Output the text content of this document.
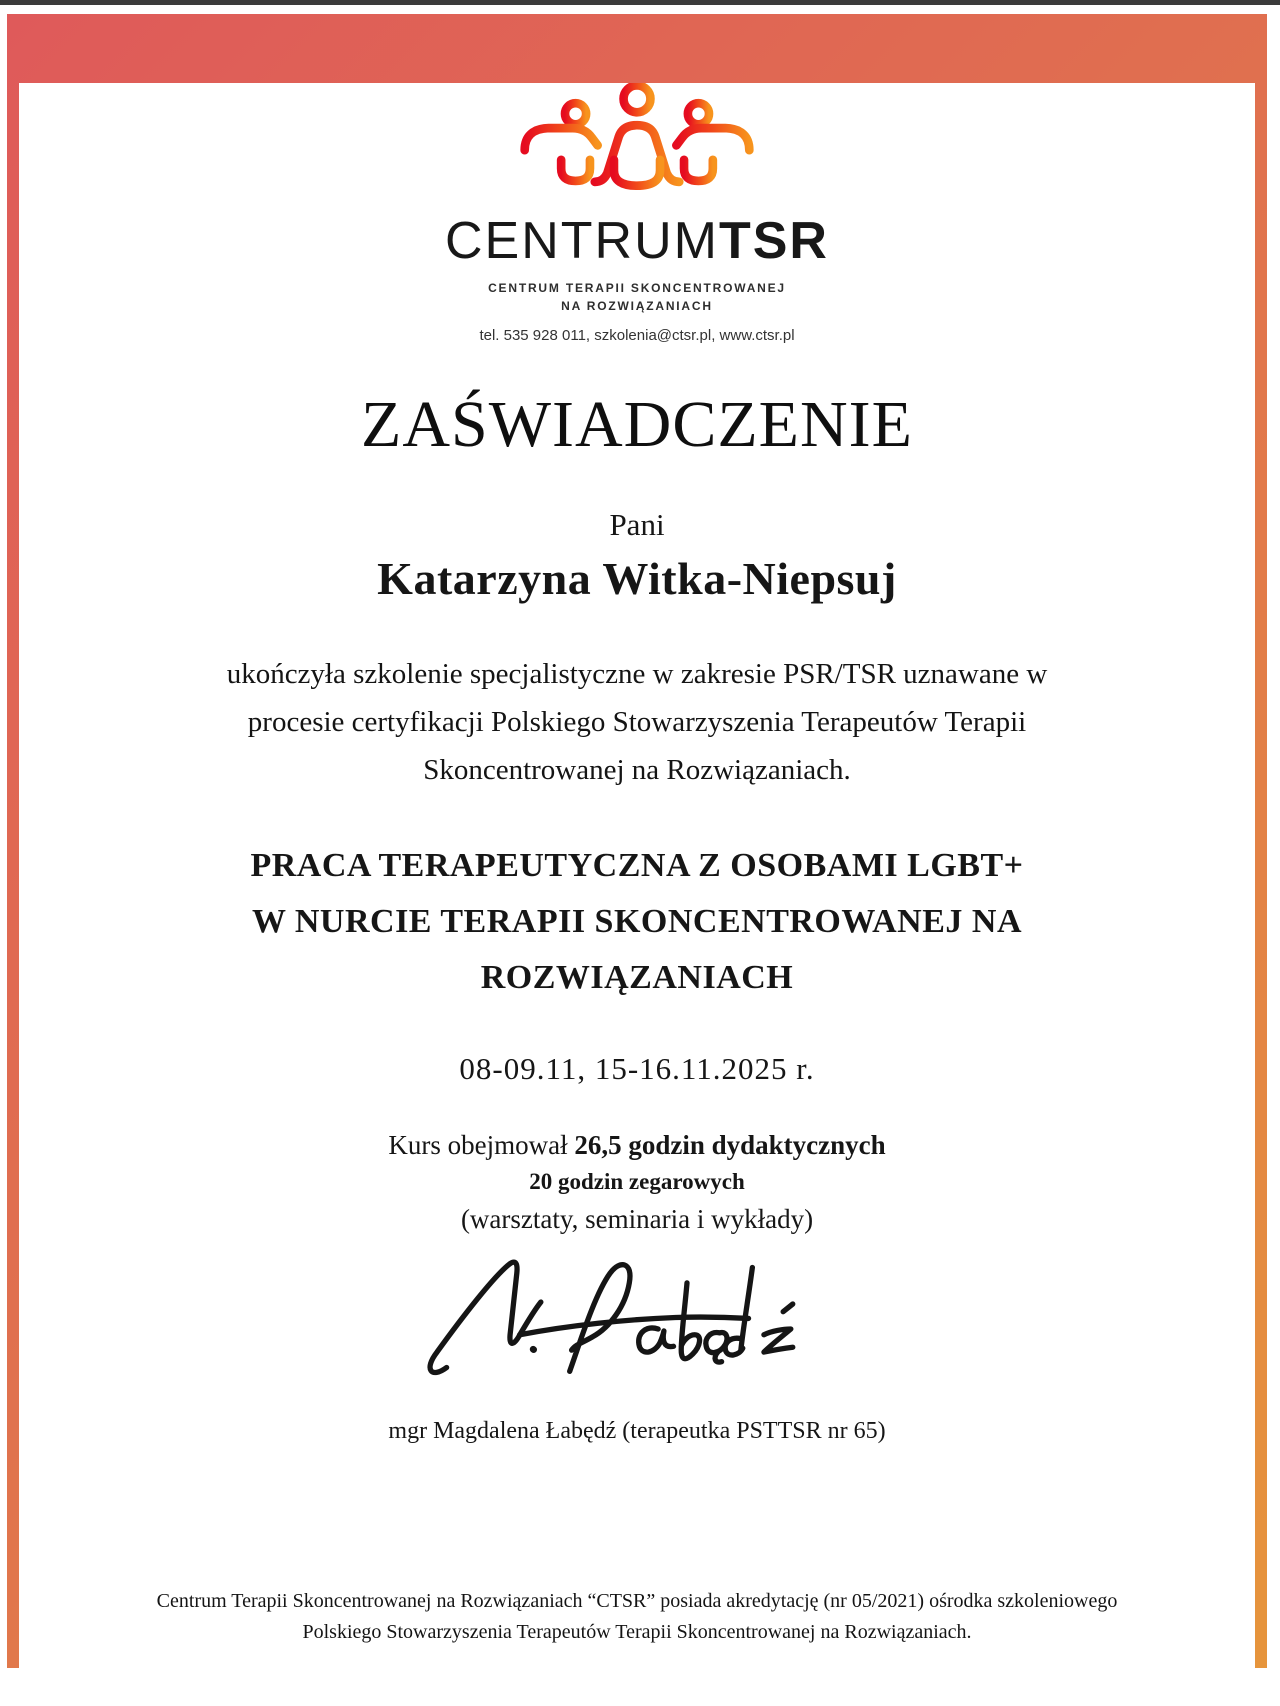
CENTRUMTSR
CENTRUM TERAPII SKONCENTROWANEJ
NA ROZWIĄZANIACH
tel. 535 928 011, szkolenia@ctsr.pl, www.ctsr.pl
ZAŚWIADCZENIE
Pani
Katarzyna Witka-Niepsuj
ukończyła szkolenie specjalistyczne w zakresie PSR/TSR uznawane w
procesie certyfikacji Polskiego Stowarzyszenia Terapeutów Terapii
Skoncentrowanej na Rozwiązaniach.
PRACA TERAPEUTYCZNA Z OSOBAMI LGBT+
W NURCIE TERAPII SKONCENTROWANEJ NA
ROZWIĄZANIACH
08-09.11, 15-16.11.2025 r.
Kurs obejmował 26,5 godzin dydaktycznych
20 godzin zegarowych
(warsztaty, seminaria i wykłady)
mgr Magdalena Łabędź (terapeutka PSTTSR nr 65)
Centrum Terapii Skoncentrowanej na Rozwiązaniach “CTSR” posiada akredytację (nr 05/2021) ośrodka szkoleniowego
Polskiego Stowarzyszenia Terapeutów Terapii Skoncentrowanej na Rozwiązaniach.
